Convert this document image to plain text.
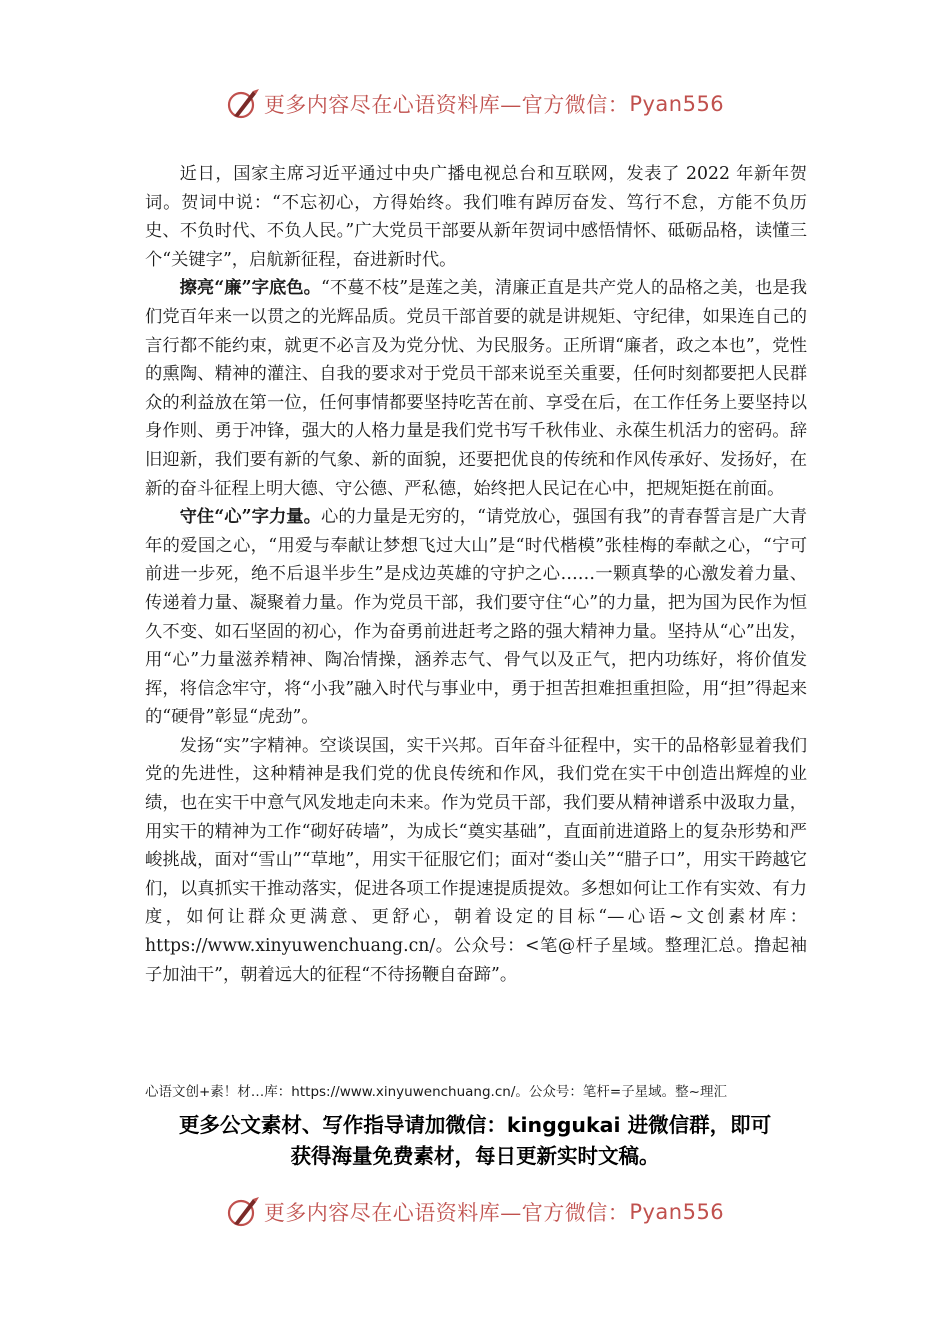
更多内容尽在心语资料库—官方微信： Pyan556

近日，国家主席习近平通过中央广播电视总台和互联网，发表了 2022 年新年贺词。贺词中说：“不忘初心，方得始终。我们唯有踔厉奋发、笃行不怠，方能不负历史、不负时代、不负人民。”广大党员干部要从新年贺词中感悟情怀、砥砺品格，读懂三个“关键字”，启航新征程，奋进新时代。

擦亮“廉”字底色。“不蔓不枝”是莲之美，清廉正直是共产党人的品格之美，也是我们党百年来一以贯之的光辉品质。党员干部首要的就是讲规矩、守纪律，如果连自己的言行都不能约束，就更不必言及为党分忧、为民服务。正所谓“廉者，政之本也”，党性的熏陶、精神的灌注、自我的要求对于党员干部来说至关重要，任何时刻都要把人民群众的利益放在第一位，任何事情都要坚持吃苦在前、享受在后，在工作任务上要坚持以身作则、勇于冲锋，强大的人格力量是我们党书写千秋伟业、永葆生机活力的密码。辞旧迎新，我们要有新的气象、新的面貌，还要把优良的传统和作风传承好、发扬好，在新的奋斗征程上明大德、守公德、严私德，始终把人民记在心中，把规矩挺在前面。

守住“心”字力量。心的力量是无穷的，“请党放心，强国有我”的青春誓言是广大青年的爱国之心，“用爱与奉献让梦想飞过大山”是“时代楷模”张桂梅的奉献之心，“宁可前进一步死，绝不后退半步生”是戍边英雄的守护之心……一颗真挚的心激发着力量、传递着力量、凝聚着力量。作为党员干部，我们要守住“心”的力量，把为国为民作为恒久不变、如石坚固的初心，作为奋勇前进赶考之路的强大精神力量。坚持从“心”出发，用“心”力量滋养精神、陶冶情操，涵养志气、骨气以及正气，把内功练好，将价值发挥，将信念牢守，将“小我”融入时代与事业中，勇于担苦担难担重担险，用“担”得起来的“硬骨”彰显“虎劲”。

发扬“实”字精神。空谈误国，实干兴邦。百年奋斗征程中，实干的品格彰显着我们党的先进性，这种精神是我们党的优良传统和作风，我们党在实干中创造出辉煌的业绩，也在实干中意气风发地走向未来。作为党员干部，我们要从精神谱系中汲取力量，用实干的精神为工作“砌好砖墙”，为成长“奠实基础”，直面前进道路上的复杂形势和严峻挑战，面对“雪山”“草地”，用实干征服它们；面对“娄山关”“腊子口”，用实干跨越它们，以真抓实干推动落实，促进各项工作提速提质提效。多想如何让工作有实效、有力度，如何让群众更满意、更舒心，朝着设定的目标“—心语~文创素材库：https://www.xinyuwenchuang.cn/。公众号：<笔@杆子星域。整理汇总。撸起袖子加油干”，朝着远大的征程“不待扬鞭自奋蹄”。

心语文创+素！材…库：https://www.xinyuwenchuang.cn/。公众号：笔杆=子星域。整~理汇
更多公文素材、写作指导请加微信：kinggukai 进微信群，即可
获得海量免费素材，每日更新实时文稿。
更多内容尽在心语资料库—官方微信： Pyan556
